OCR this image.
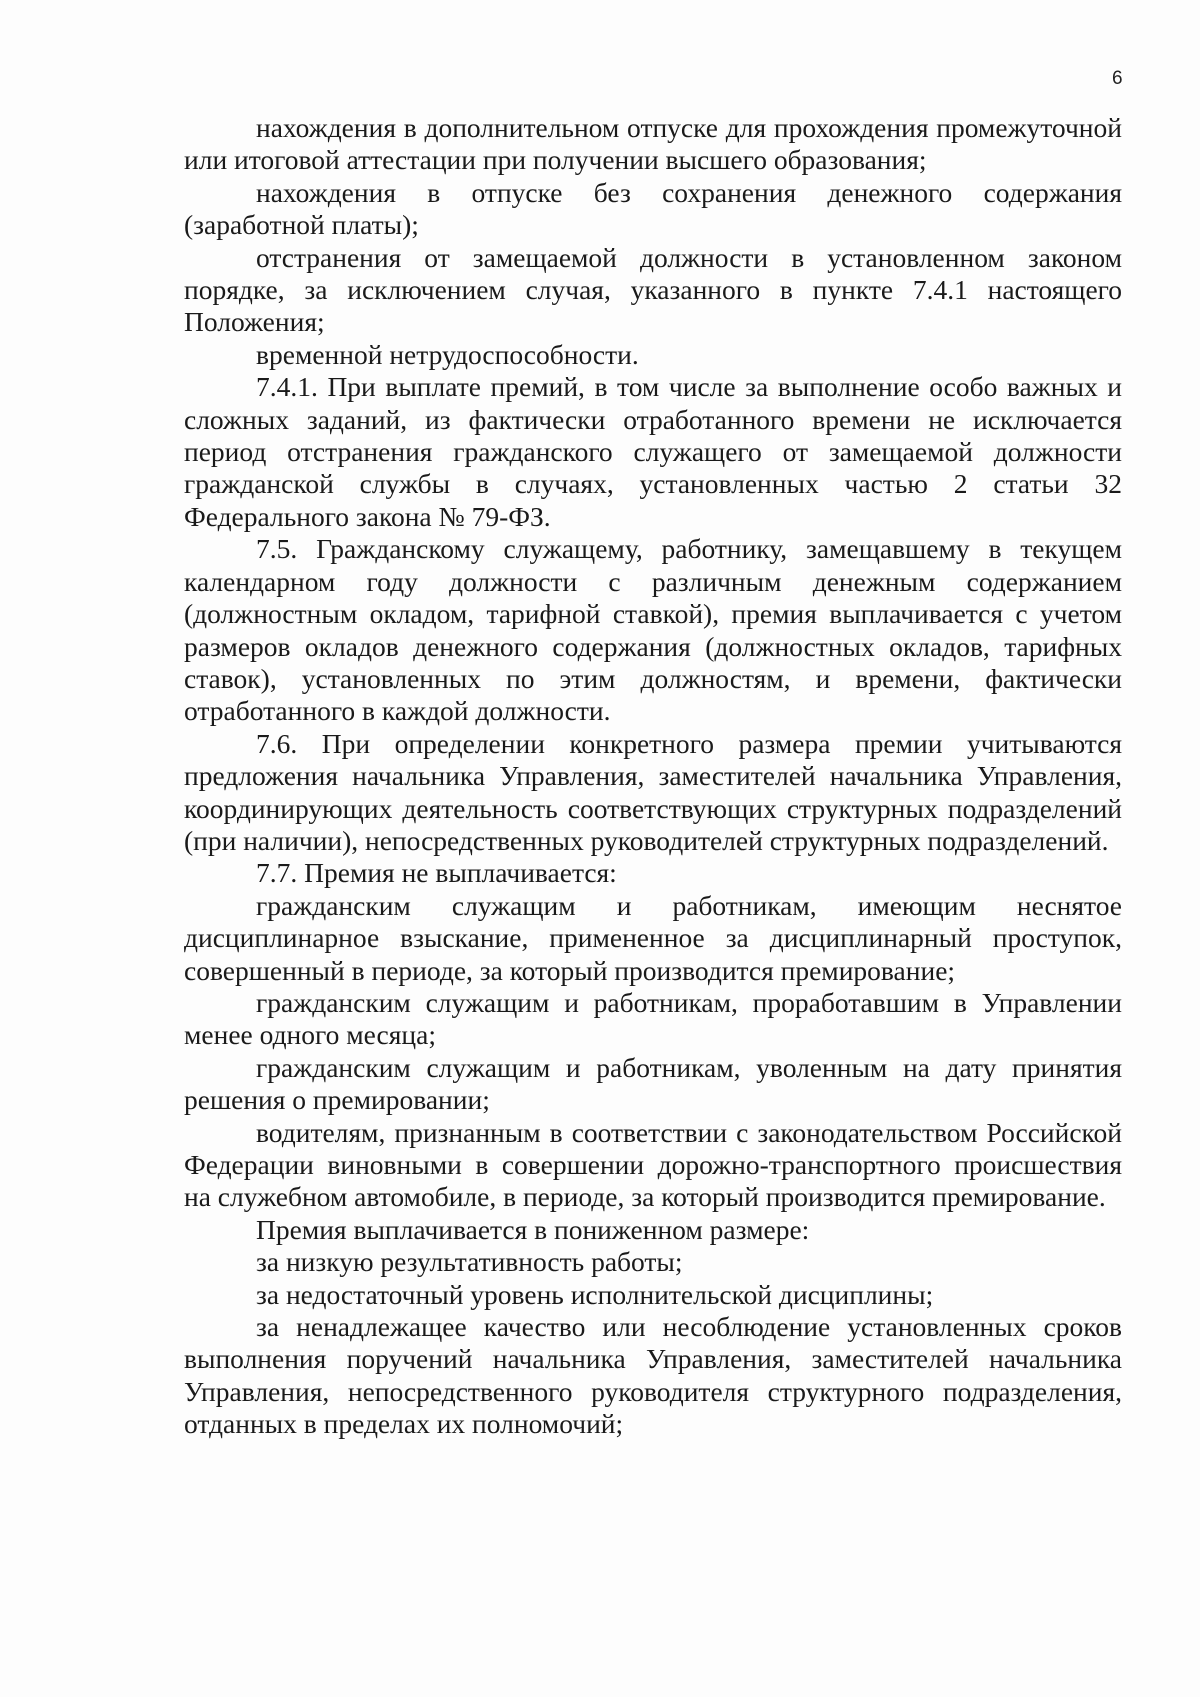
6

нахождения в дополнительном отпуске для прохождения промежуточной или итоговой аттестации при получении высшего образования;

нахождения в отпуске без сохранения денежного содержания (заработной платы);

отстранения от замещаемой должности в установленном законом порядке, за исключением случая, указанного в пункте 7.4.1 настоящего Положения;

временной нетрудоспособности.

7.4.1. При выплате премий, в том числе за выполнение особо важных и сложных заданий, из фактически отработанного времени не исключается период отстранения гражданского служащего от замещаемой должности гражданской службы в случаях, установленных частью 2 статьи 32 Федерального закона № 79-ФЗ.

7.5. Гражданскому служащему, работнику, замещавшему в текущем календарном году должности с различным денежным содержанием (должностным окладом, тарифной ставкой), премия выплачивается с учетом размеров окладов денежного содержания (должностных окладов, тарифных ставок), установленных по этим должностям, и времени, фактически отработанного в каждой должности.

7.6. При определении конкретного размера премии учитываются предложения начальника Управления, заместителей начальника Управления, координирующих деятельность соответствующих структурных подразделений (при наличии), непосредственных руководителей структурных подразделений.

7.7. Премия не выплачивается:

гражданским служащим и работникам, имеющим неснятое дисциплинарное взыскание, примененное за дисциплинарный проступок, совершенный в периоде, за который производится премирование;

гражданским служащим и работникам, проработавшим в Управлении менее одного месяца;

гражданским служащим и работникам, уволенным на дату принятия решения о премировании;

водителям, признанным в соответствии с законодательством Российской Федерации виновными в совершении дорожно-транспортного происшествия на служебном автомобиле, в периоде, за который производится премирование.

Премия выплачивается в пониженном размере:

за низкую результативность работы;

за недостаточный уровень исполнительской дисциплины;

за ненадлежащее качество или несоблюдение установленных сроков выполнения поручений начальника Управления, заместителей начальника Управления, непосредственного руководителя структурного подразделения, отданных в пределах их полномочий;
